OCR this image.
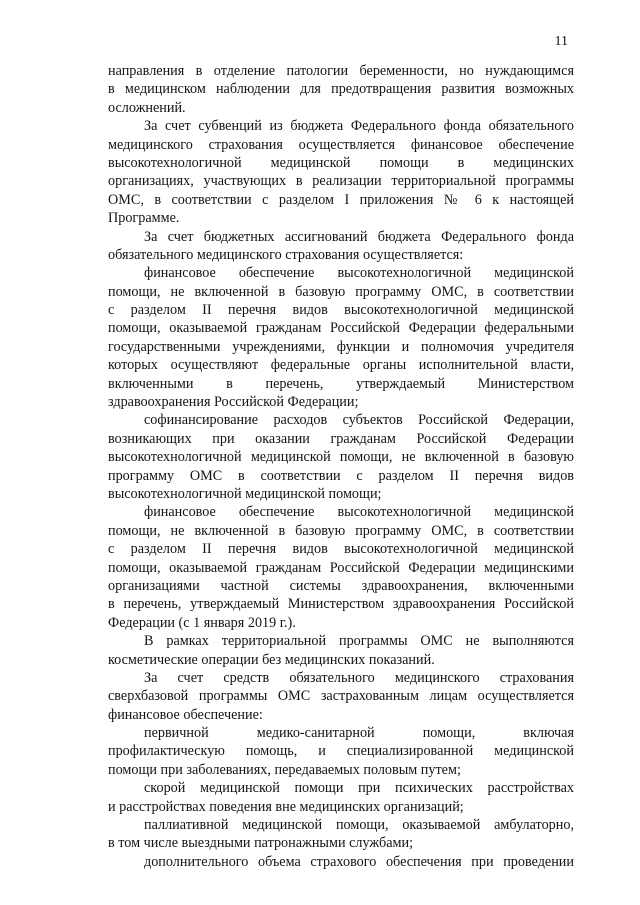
11
направления в отделение патологии беременности, но нуждающимся
в медицинском наблюдении для предотвращения развития возможных
осложнений.
За счет субвенций из бюджета Федерального фонда обязательного
медицинского страхования осуществляется финансовое обеспечение
высокотехнологичной медицинской помощи в медицинских
организациях, участвующих в реализации территориальной программы
ОМС, в соответствии с разделом I приложения № 6 к настоящей
Программе.
За счет бюджетных ассигнований бюджета Федерального фонда
обязательного медицинского страхования осуществляется:
финансовое обеспечение высокотехнологичной медицинской
помощи, не включенной в базовую программу ОМС, в соответствии
с разделом II перечня видов высокотехнологичной медицинской
помощи, оказываемой гражданам Российской Федерации федеральными
государственными учреждениями, функции и полномочия учредителя
которых осуществляют федеральные органы исполнительной власти,
включенными в перечень, утверждаемый Министерством
здравоохранения Российской Федерации;
софинансирование расходов субъектов Российской Федерации,
возникающих при оказании гражданам Российской Федерации
высокотехнологичной медицинской помощи, не включенной в базовую
программу ОМС в соответствии с разделом II перечня видов
высокотехнологичной медицинской помощи;
финансовое обеспечение высокотехнологичной медицинской
помощи, не включенной в базовую программу ОМС, в соответствии
с разделом II перечня видов высокотехнологичной медицинской
помощи, оказываемой гражданам Российской Федерации медицинскими
организациями частной системы здравоохранения, включенными
в перечень, утверждаемый Министерством здравоохранения Российской
Федерации (с 1 января 2019 г.).
В рамках территориальной программы ОМС не выполняются
косметические операции без медицинских показаний.
За счет средств обязательного медицинского страхования
сверхбазовой программы ОМС застрахованным лицам осуществляется
финансовое обеспечение:
первичной медико-санитарной помощи, включая
профилактическую помощь, и специализированной медицинской
помощи при заболеваниях, передаваемых половым путем;
скорой медицинской помощи при психических расстройствах
и расстройствах поведения вне медицинских организаций;
паллиативной медицинской помощи, оказываемой амбулаторно,
в том числе выездными патронажными службами;
дополнительного объема страхового обеспечения при проведении
